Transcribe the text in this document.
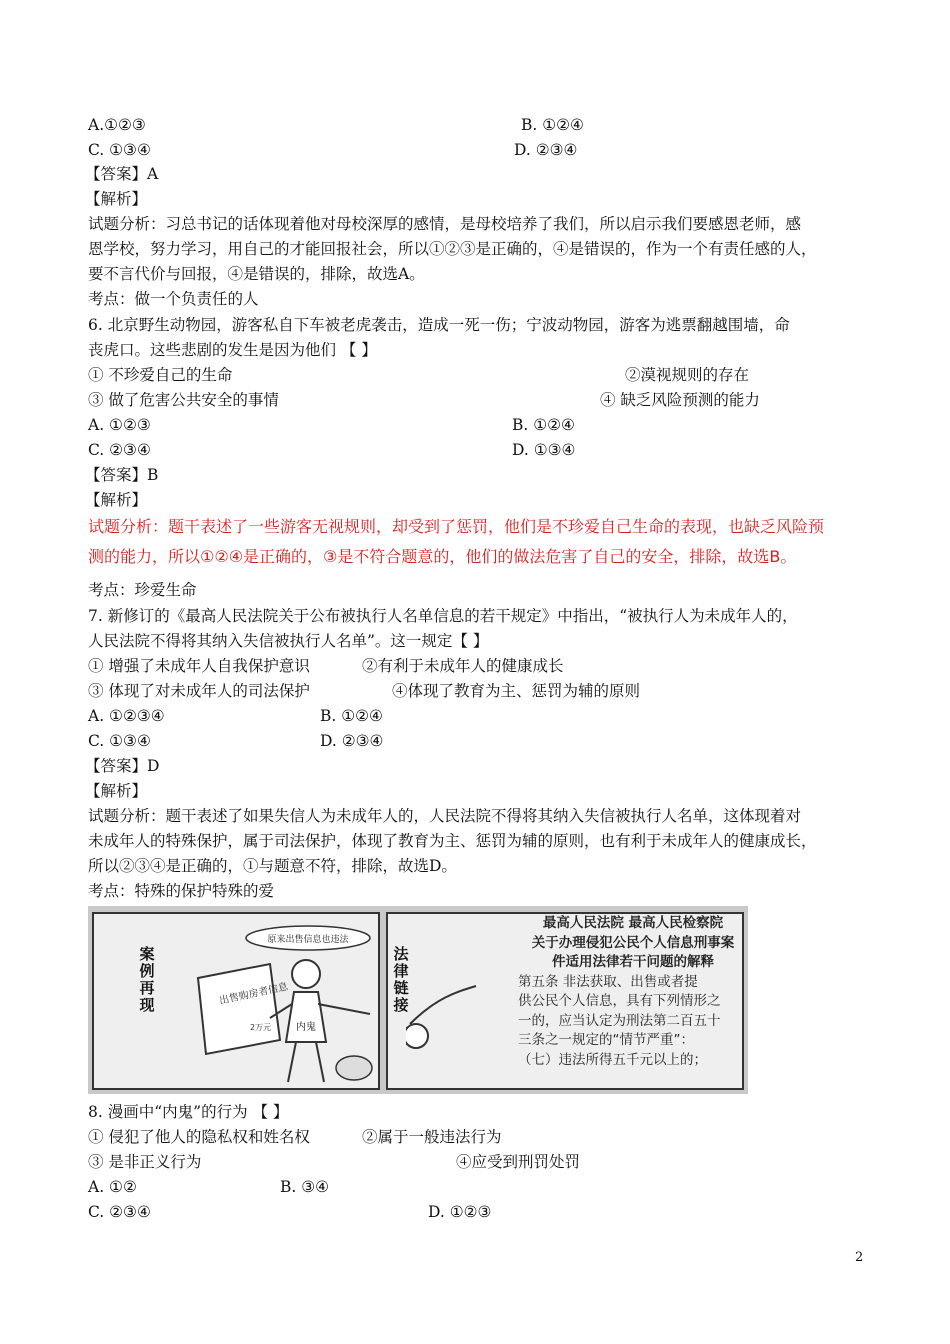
A.①②③	B. ①②④
C. ①③④	D. ②③④
【答案】A
【解析】
试题分析：习总书记的话体现着他对母校深厚的感情，是母校培养了我们，所以启示我们要感恩老师，感
恩学校，努力学习，用自己的才能回报社会，所以①②③是正确的，④是错误的，作为一个有责任感的人，
要不言代价与回报，④是错误的，排除，故选A。
考点：做一个负责任的人
6. 北京野生动物园，游客私自下车被老虎袭击，造成一死一伤；宁波动物园，游客为逃票翻越围墙，命
丧虎口。这些悲剧的发生是因为他们 【 】
① 不珍爱自己的生命	②漠视规则的存在
③ 做了危害公共安全的事情	④ 缺乏风险预测的能力
A. ①②③	B. ①②④
C. ②③④	D. ①③④
【答案】B
【解析】
试题分析：题干表述了一些游客无视规则，却受到了惩罚，他们是不珍爱自己生命的表现，也缺乏风险预
测的能力，所以①②④是正确的，③是不符合题意的，他们的做法危害了自己的安全，排除，故选B。
考点：珍爱生命
7. 新修订的《最高人民法院关于公布被执行人名单信息的若干规定》中指出，“被执行人为未成年人的，
人民法院不得将其纳入失信被执行人名单”。这一规定【 】
① 增强了未成年人自我保护意识	②有利于未成年人的健康成长
③ 体现了对未成年人的司法保护	④体现了教育为主、惩罚为辅的原则
A. ①②③④	B. ①②④
C. ①③④	D. ②③④
【答案】D
【解析】
试题分析：题干表述了如果失信人为未成年人的，人民法院不得将其纳入失信被执行人名单，这体现着对
未成年人的特殊保护，属于司法保护，体现了教育为主、惩罚为辅的原则，也有利于未成年人的健康成长，
所以②③④是正确的，①与题意不符，排除，故选D。
考点：特殊的保护特殊的爱
案例再现
原来出售信息也违法
出售购房者信息
2万元 内鬼
法律链接
最高人民法院 最高人民检察院
关于办理侵犯公民个人信息刑事案
件适用法律若干问题的解释
第五条 非法获取、出售或者提
供公民个人信息，具有下列情形之
一的，应当认定为刑法第二百五十
三条之一规定的“情节严重”：
（七）违法所得五千元以上的；
8. 漫画中“内鬼”的行为 【 】
① 侵犯了他人的隐私权和姓名权	②属于一般违法行为
③ 是非正义行为	④应受到刑罚处罚
A. ①②	B. ③④
C. ②③④	D. ①②③
2
